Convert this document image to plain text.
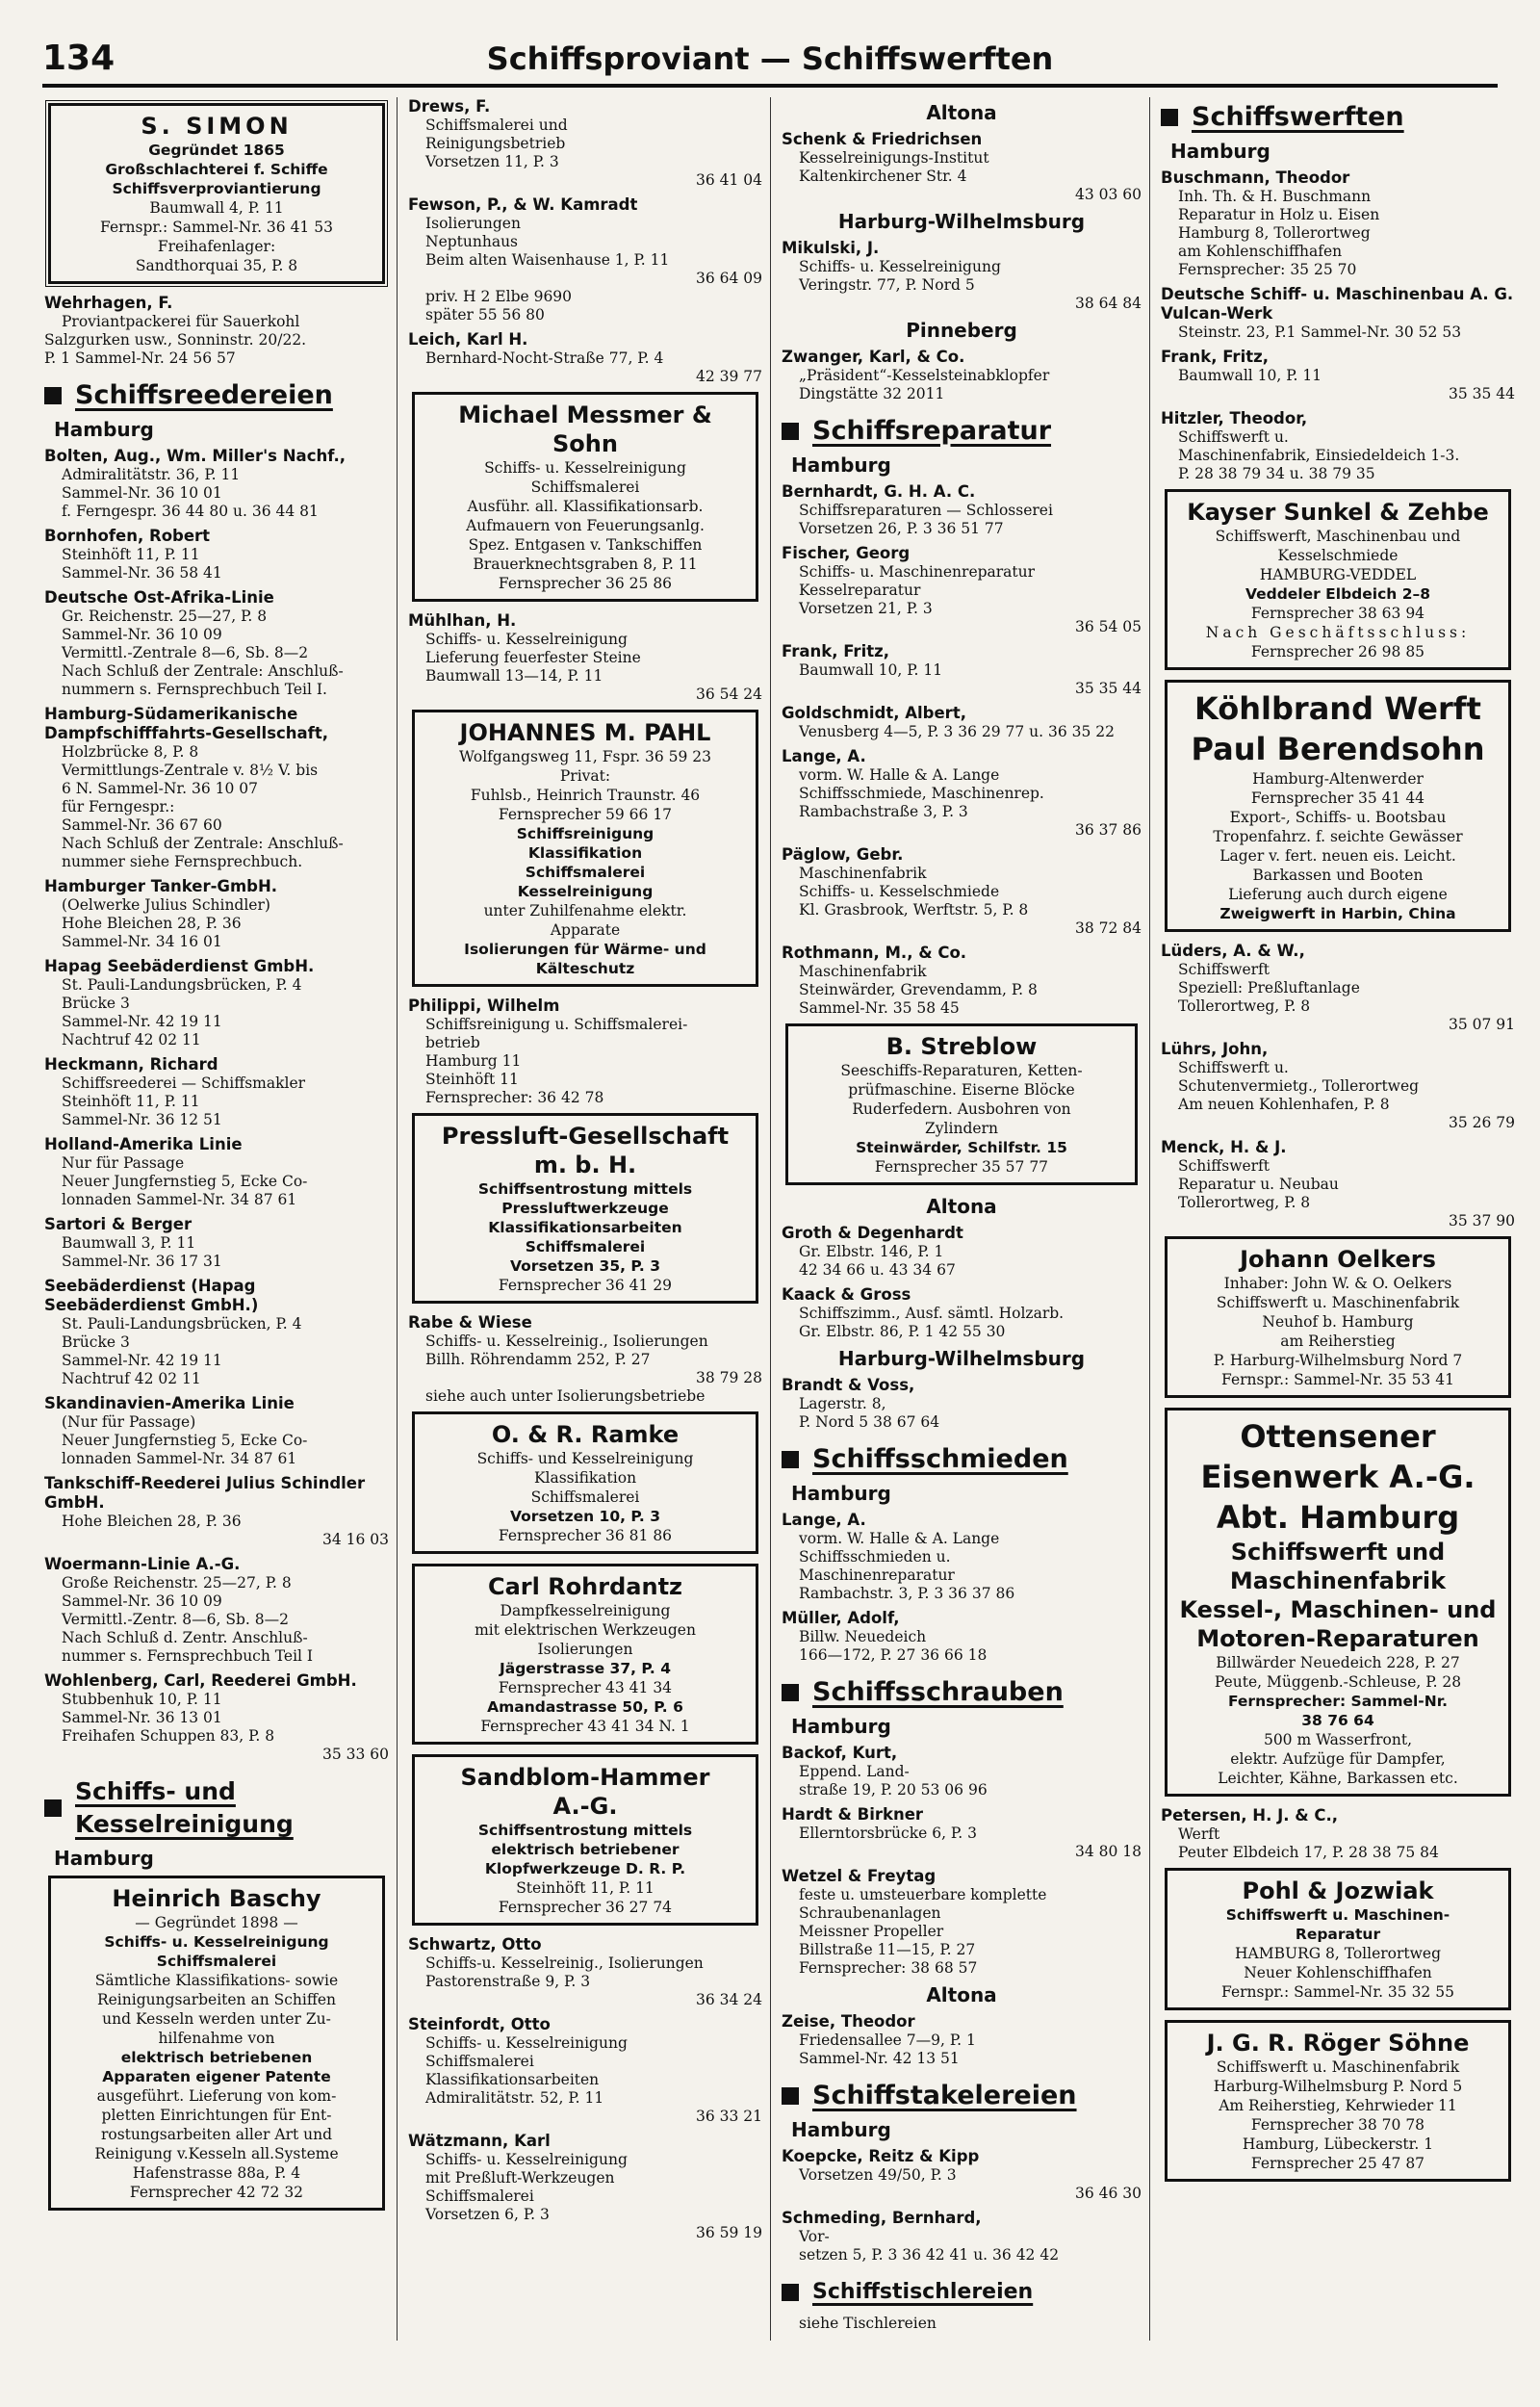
134	Schiffsproviant — Schiffswerften
S. SIMON
Gegründet 1865
Großschlachterei f. Schiffe
Schiffsverproviantierung
Baumwall 4, P. 11
Fernspr.: Sammel-Nr. 36 41 53
Freihafenlager:
Sandthorquai 35, P. 8
Wehrhagen, F.
Proviantpackerei für Sauerkohl
Salzgurken usw., Sonninstr. 20/22.
P. 1 Sammel-Nr. 24 56 57
Schiffsreedereien
Hamburg
Bolten, Aug., Wm. Miller's Nachf.,
Admiralitätstr. 36, P. 11
Sammel-Nr. 36 10 01
f. Ferngespr. 36 44 80 u. 36 44 81
Bornhofen, Robert
Steinhöft 11, P. 11
Sammel-Nr. 36 58 41
Deutsche Ost-Afrika-Linie
Gr. Reichenstr. 25—27, P. 8
Sammel-Nr. 36 10 09
Vermittl.-Zentrale 8—6, Sb. 8—2
Nach Schluß der Zentrale: Anschluß-
nummern s. Fernsprechbuch Teil I.
Hamburg-Südamerikanische Dampfschifffahrts-Gesellschaft,
Holzbrücke 8, P. 8
Vermittlungs-Zentrale v. 8½ V. bis
6 N. Sammel-Nr. 36 10 07
für Ferngespr.:
Sammel-Nr. 36 67 60
Nach Schluß der Zentrale: Anschluß-
nummer siehe Fernsprechbuch.
Hamburger Tanker-GmbH.
(Oelwerke Julius Schindler)
Hohe Bleichen 28, P. 36
Sammel-Nr. 34 16 01
Hapag Seebäderdienst GmbH.
St. Pauli-Landungsbrücken, P. 4
Brücke 3
Sammel-Nr. 42 19 11
Nachtruf 42 02 11
Heckmann, Richard
Schiffsreederei — Schiffsmakler
Steinhöft 11, P. 11
Sammel-Nr. 36 12 51
Holland-Amerika Linie
Nur für Passage
Neuer Jungfernstieg 5, Ecke Co-
lonnaden Sammel-Nr. 34 87 61
Sartori & Berger
Baumwall 3, P. 11
Sammel-Nr. 36 17 31
Seebäderdienst (Hapag Seebäderdienst GmbH.)
St. Pauli-Landungsbrücken, P. 4
Brücke 3
Sammel-Nr. 42 19 11
Nachtruf 42 02 11
Skandinavien-Amerika Linie
(Nur für Passage)
Neuer Jungfernstieg 5, Ecke Co-
lonnaden Sammel-Nr. 34 87 61
Tankschiff-Reederei Julius Schindler GmbH.
Hohe Bleichen 28, P. 36
34 16 03
Woermann-Linie A.-G.
Große Reichenstr. 25—27, P. 8
Sammel-Nr. 36 10 09
Vermittl.-Zentr. 8—6, Sb. 8—2
Nach Schluß d. Zentr. Anschluß-
nummer s. Fernsprechbuch Teil I
Wohlenberg, Carl, Reederei GmbH.
Stubbenhuk 10, P. 11
Sammel-Nr. 36 13 01
Freihafen Schuppen 83, P. 8
35 33 60
Schiffs- und Kesselreinigung
Hamburg
Heinrich Baschy
— Gegründet 1898 —
Schiffs- u. Kesselreinigung
Schiffsmalerei
Sämtliche Klassifikations- sowie
Reinigungsarbeiten an Schiffen
und Kesseln werden unter Zu-
hilfenahme von
elektrisch betriebenen
Apparaten eigener Patente
ausgeführt. Lieferung von kom-
pletten Einrichtungen für Ent-
rostungsarbeiten aller Art und
Reinigung v.Kesseln all.Systeme
Hafenstrasse 88a, P. 4
Fernsprecher 42 72 32
Drews, F.
Schiffsmalerei und
Reinigungsbetrieb
Vorsetzen 11, P. 3
36 41 04
Fewson, P., & W. Kamradt
Isolierungen
Neptunhaus
Beim alten Waisenhause 1, P. 11
36 64 09
priv. H 2 Elbe 9690
später 55 56 80
Leich, Karl H.
Bernhard-Nocht-Straße 77, P. 4
42 39 77
Michael Messmer & Sohn
Schiffs- u. Kesselreinigung
Schiffsmalerei
Ausführ. all. Klassifikationsarb.
Aufmauern von Feuerungsanlg.
Spez. Entgasen v. Tankschiffen
Brauerknechtsgraben 8, P. 11
Fernsprecher 36 25 86
Mühlhan, H.
Schiffs- u. Kesselreinigung
Lieferung feuerfester Steine
Baumwall 13—14, P. 11
36 54 24
JOHANNES M. PAHL
Wolfgangsweg 11, Fspr. 36 59 23
Privat:
Fuhlsb., Heinrich Traunstr. 46
Fernsprecher 59 66 17
Schiffsreinigung
Klassifikation
Schiffsmalerei
Kesselreinigung
unter Zuhilfenahme elektr.
Apparate
Isolierungen für Wärme- und
Kälteschutz
Philippi, Wilhelm
Schiffsreinigung u. Schiffsmalerei-
betrieb
Hamburg 11
Steinhöft 11
Fernsprecher: 36 42 78
Pressluft-Gesellschaft
m. b. H.
Schiffsentrostung mittels
Pressluftwerkzeuge
Klassifikationsarbeiten
Schiffsmalerei
Vorsetzen 35, P. 3
Fernsprecher 36 41 29
Rabe & Wiese
Schiffs- u. Kesselreinig., Isolierungen
Billh. Röhrendamm 252, P. 27
38 79 28
siehe auch unter Isolierungsbetriebe
O. & R. Ramke
Schiffs- und Kesselreinigung
Klassifikation
Schiffsmalerei
Vorsetzen 10, P. 3
Fernsprecher 36 81 86
Carl Rohrdantz
Dampfkesselreinigung
mit elektrischen Werkzeugen
Isolierungen
Jägerstrasse 37, P. 4
Fernsprecher 43 41 34
Amandastrasse 50, P. 6
Fernsprecher 43 41 34 N. 1
Sandblom-Hammer
A.-G.
Schiffsentrostung mittels
elektrisch betriebener
Klopfwerkzeuge D. R. P.
Steinhöft 11, P. 11
Fernsprecher 36 27 74
Schwartz, Otto
Schiffs-u. Kesselreinig., Isolierungen
Pastorenstraße 9, P. 3
36 34 24
Steinfordt, Otto
Schiffs- u. Kesselreinigung
Schiffsmalerei
Klassifikationsarbeiten
Admiralitätstr. 52, P. 11
36 33 21
Wätzmann, Karl
Schiffs- u. Kesselreinigung
mit Preßluft-Werkzeugen
Schiffsmalerei
Vorsetzen 6, P. 3
36 59 19
Altona
Schenk & Friedrichsen
Kesselreinigungs-Institut
Kaltenkirchener Str. 4
43 03 60
Harburg-Wilhelmsburg
Mikulski, J.
Schiffs- u. Kesselreinigung
Veringstr. 77, P. Nord 5
38 64 84
Pinneberg
Zwanger, Karl, & Co.
„Präsident“-Kesselsteinabklopfer
Dingstätte 32 2011
Schiffsreparatur
Hamburg
Bernhardt, G. H. A. C.
Schiffsreparaturen — Schlosserei
Vorsetzen 26, P. 3 36 51 77
Fischer, Georg
Schiffs- u. Maschinenreparatur
Kesselreparatur
Vorsetzen 21, P. 3
36 54 05
Frank, Fritz,
Baumwall 10, P. 11
35 35 44
Goldschmidt, Albert,
Venusberg 4—5, P. 3 36 29 77 u. 36 35 22
Lange, A.
vorm. W. Halle & A. Lange
Schiffsschmiede, Maschinenrep.
Rambachstraße 3, P. 3
36 37 86
Päglow, Gebr.
Maschinenfabrik
Schiffs- u. Kesselschmiede
Kl. Grasbrook, Werftstr. 5, P. 8
38 72 84
Rothmann, M., & Co.
Maschinenfabrik
Steinwärder, Grevendamm, P. 8
Sammel-Nr. 35 58 45
B. Streblow
Seeschiffs-Reparaturen, Ketten-
prüfmaschine. Eiserne Blöcke
Ruderfedern. Ausbohren von
Zylindern
Steinwärder, Schilfstr. 15
Fernsprecher 35 57 77
Altona
Groth & Degenhardt
Gr. Elbstr. 146, P. 1
42 34 66 u. 43 34 67
Kaack & Gross
Schiffszimm., Ausf. sämtl. Holzarb.
Gr. Elbstr. 86, P. 1 42 55 30
Harburg-Wilhelmsburg
Brandt & Voss,
Lagerstr. 8,
P. Nord 5 38 67 64
Schiffsschmieden
Hamburg
Lange, A.
vorm. W. Halle & A. Lange
Schiffsschmieden u.
Maschinenreparatur
Rambachstr. 3, P. 3 36 37 86
Müller, Adolf,
Billw. Neuedeich
166—172, P. 27 36 66 18
Schiffsschrauben
Hamburg
Backof, Kurt,
Eppend. Land-
straße 19, P. 20 53 06 96
Hardt & Birkner
Ellerntorsbrücke 6, P. 3
34 80 18
Wetzel & Freytag
feste u. umsteuerbare komplette
Schraubenanlagen
Meissner Propeller
Billstraße 11—15, P. 27
Fernsprecher: 38 68 57
Altona
Zeise, Theodor
Friedensallee 7—9, P. 1
Sammel-Nr. 42 13 51
Schiffstakelereien
Hamburg
Koepcke, Reitz & Kipp
Vorsetzen 49/50, P. 3
36 46 30
Schmeding, Bernhard,
Vor-
setzen 5, P. 3 36 42 41 u. 36 42 42
Schiffstischlereien
siehe Tischlereien
Schiffswerften
Hamburg
Buschmann, Theodor
Inh. Th. & H. Buschmann
Reparatur in Holz u. Eisen
Hamburg 8, Tollerortweg
am Kohlenschiffhafen
Fernsprecher: 35 25 70
Deutsche Schiff- u. Maschinenbau A. G. Vulcan-Werk
Steinstr. 23, P.1 Sammel-Nr. 30 52 53
Frank, Fritz,
Baumwall 10, P. 11
35 35 44
Hitzler, Theodor,
Schiffswerft u.
Maschinenfabrik, Einsiedeldeich 1-3.
P. 28 38 79 34 u. 38 79 35
Kayser Sunkel & Zehbe
Schiffswerft, Maschinenbau und
Kesselschmiede
HAMBURG-VEDDEL
Veddeler Elbdeich 2–8
Fernsprecher 38 63 94
Nach Geschäftsschluss:
Fernsprecher 26 98 85
Köhlbrand Werft
Paul Berendsohn
Hamburg-Altenwerder
Fernsprecher 35 41 44
Export-, Schiffs- u. Bootsbau
Tropenfahrz. f. seichte Gewässer
Lager v. fert. neuen eis. Leicht.
Barkassen und Booten
Lieferung auch durch eigene
Zweigwerft in Harbin, China
Lüders, A. & W.,
Schiffswerft
Speziell: Preßluftanlage
Tollerortweg, P. 8
35 07 91
Lührs, John,
Schiffswerft u.
Schutenvermietg., Tollerortweg
Am neuen Kohlenhafen, P. 8
35 26 79
Menck, H. & J.
Schiffswerft
Reparatur u. Neubau
Tollerortweg, P. 8
35 37 90
Johann Oelkers
Inhaber: John W. & O. Oelkers
Schiffswerft u. Maschinenfabrik
Neuhof b. Hamburg
am Reiherstieg
P. Harburg-Wilhelmsburg Nord 7
Fernspr.: Sammel-Nr. 35 53 41
Ottensener
Eisenwerk A.-G.
Abt. Hamburg
Schiffswerft und
Maschinenfabrik
Kessel-, Maschinen- und
Motoren-Reparaturen
Billwärder Neuedeich 228, P. 27
Peute, Müggenb.-Schleuse, P. 28
Fernsprecher: Sammel-Nr.
38 76 64
500 m Wasserfront,
elektr. Aufzüge für Dampfer,
Leichter, Kähne, Barkassen etc.
Petersen, H. J. & C.,
Werft
Peuter Elbdeich 17, P. 28 38 75 84
Pohl & Jozwiak
Schiffswerft u. Maschinen-
Reparatur
HAMBURG 8, Tollerortweg
Neuer Kohlenschiffhafen
Fernspr.: Sammel-Nr. 35 32 55
J. G. R. Röger Söhne
Schiffswerft u. Maschinenfabrik
Harburg-Wilhelmsburg P. Nord 5
Am Reiherstieg, Kehrwieder 11
Fernsprecher 38 70 78
Hamburg, Lübeckerstr. 1
Fernsprecher 25 47 87
